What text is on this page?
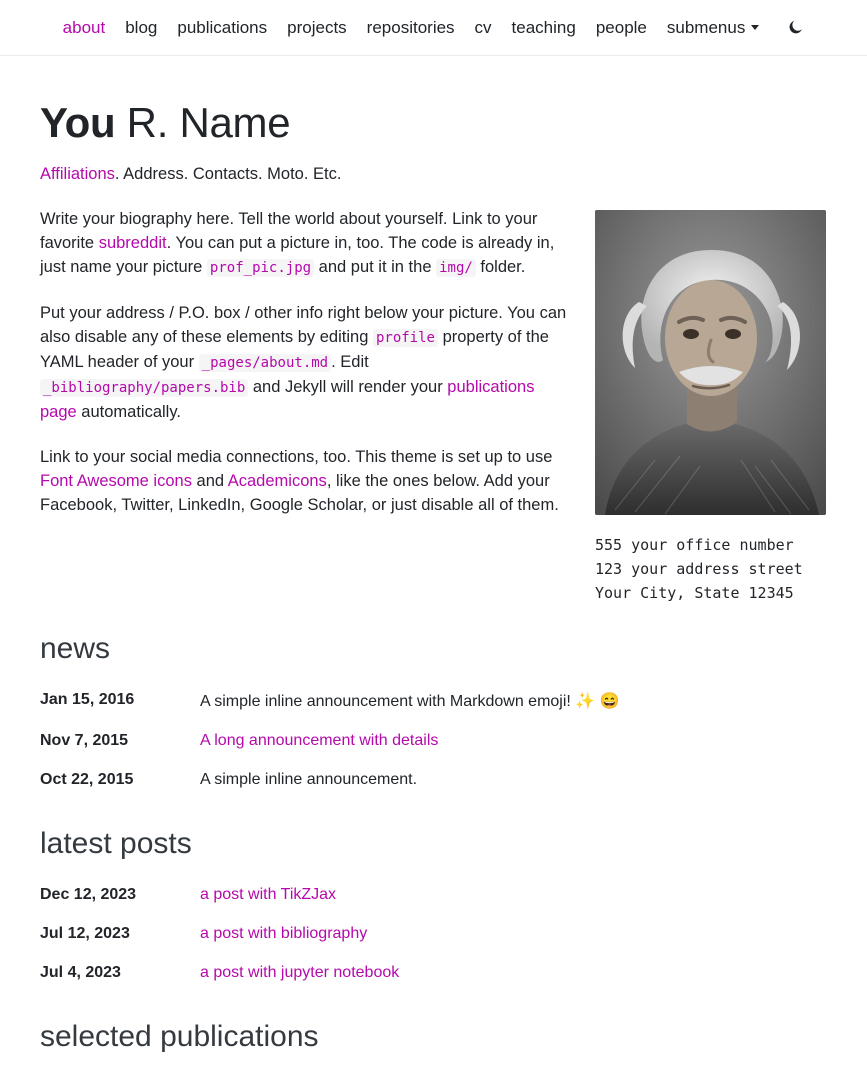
about	blog	publications	projects	repositories	cv	teaching	people	submenus
You R. Name

Affiliations. Address. Contacts. Moto. Etc.

555 your office number
123 your address street
Your City, State 12345

Write your biography here. Tell the world about yourself. Link to your favorite subreddit. You can put a picture in, too. The code is already in, just name your picture prof_pic.jpg and put it in the img/ folder.

Put your address / P.O. box / other info right below your picture. You can also disable any of these elements by editing profile property of the YAML header of your _pages/about.md . Edit _bibliography/papers.bib and Jekyll will render your publications page automatically.

Link to your social media connections, too. This theme is set up to use Font Awesome icons and Academicons, like the ones below. Add your Facebook, Twitter, LinkedIn, Google Scholar, or just disable all of them.

news
Jan 15, 2016	A simple inline announcement with Markdown emoji! ✨ 😄
Nov 7, 2015	A long announcement with details
Oct 22, 2015	A simple inline announcement.
latest posts
Dec 12, 2023	a post with TikZJax
Jul 12, 2023	a post with bibliography
Jul 4, 2023	a post with jupyter notebook
selected publications
